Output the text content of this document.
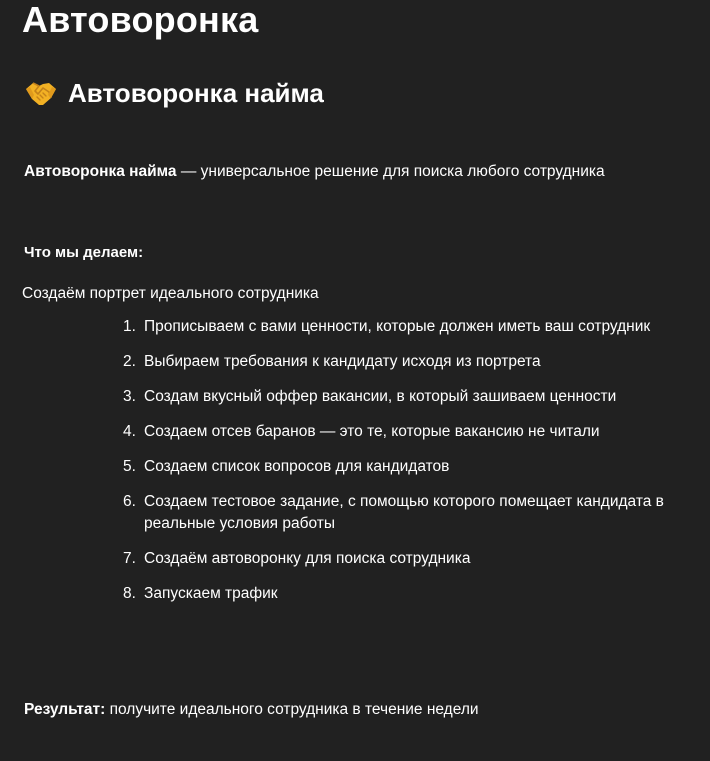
Автоворонка
Автоворонка найма

Автоворонка найма — универсальное решение для поиска любого сотрудника

Что мы делаем:

Создаём портрет идеального сотрудника

1. Прописываем с вами ценности, которые должен иметь ваш сотрудник
2. Выбираем требования к кандидату исходя из портрета
3. Создам вкусный оффер вакансии, в который зашиваем ценности
4. Создаем отсев баранов — это те, которые вакансию не читали
5. Создаем список вопросов для кандидатов
6. Создаем тестовое задание, с помощью которого помещает кандидата в реальные условия работы
7. Создаём автоворонку для поиска сотрудника
8. Запускаем трафик

Результат: получите идеального сотрудника в течение недели
